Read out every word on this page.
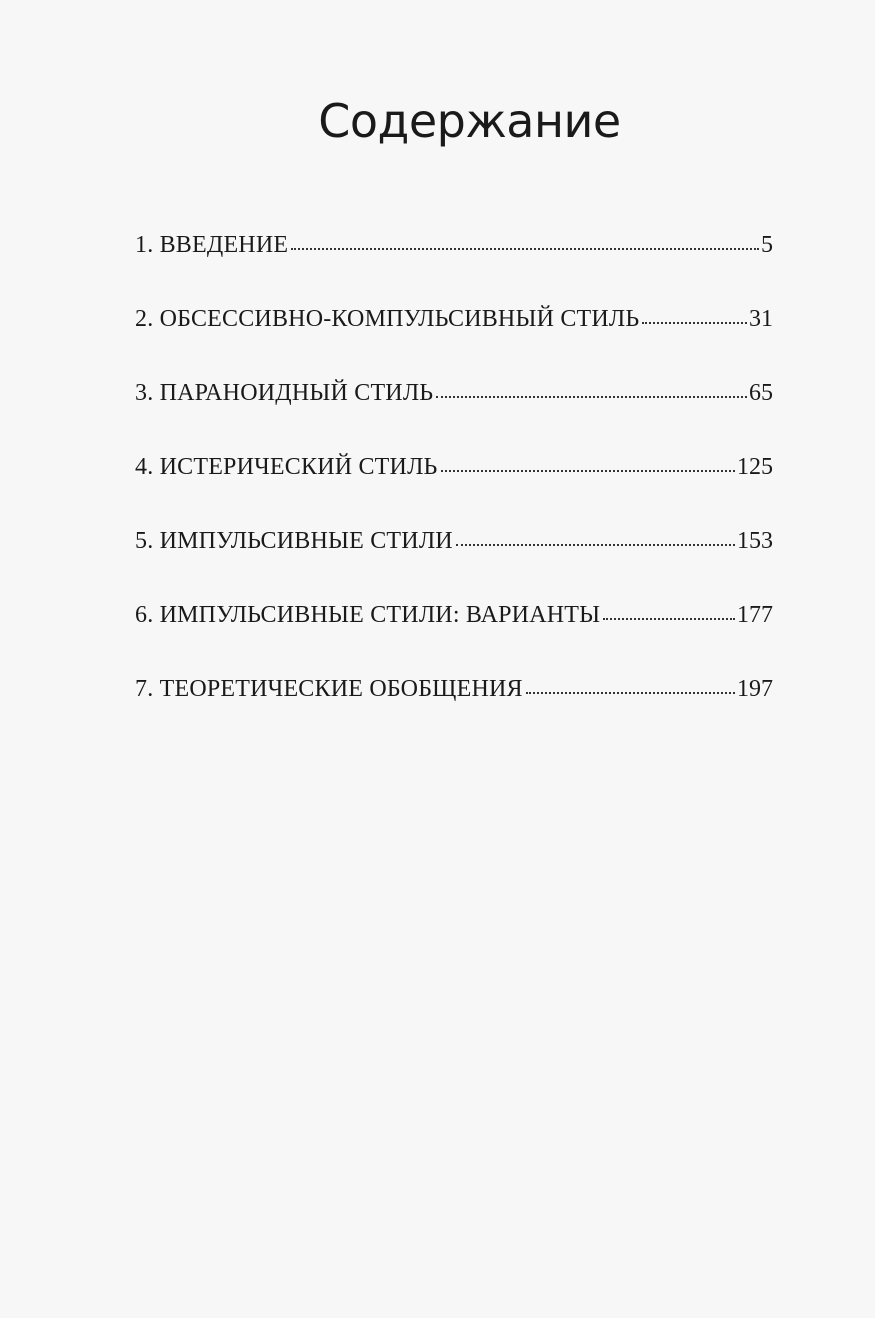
Содержание
1. ВВЕДЕНИЕ	5
2. ОБСЕССИВНО-КОМПУЛЬСИВНЫЙ СТИЛЬ	31
3. ПАРАНОИДНЫЙ СТИЛЬ	65
4. ИСТЕРИЧЕСКИЙ СТИЛЬ	125
5. ИМПУЛЬСИВНЫЕ СТИЛИ	153
6. ИМПУЛЬСИВНЫЕ СТИЛИ: ВАРИАНТЫ	177
7. ТЕОРЕТИЧЕСКИЕ ОБОБЩЕНИЯ	197
